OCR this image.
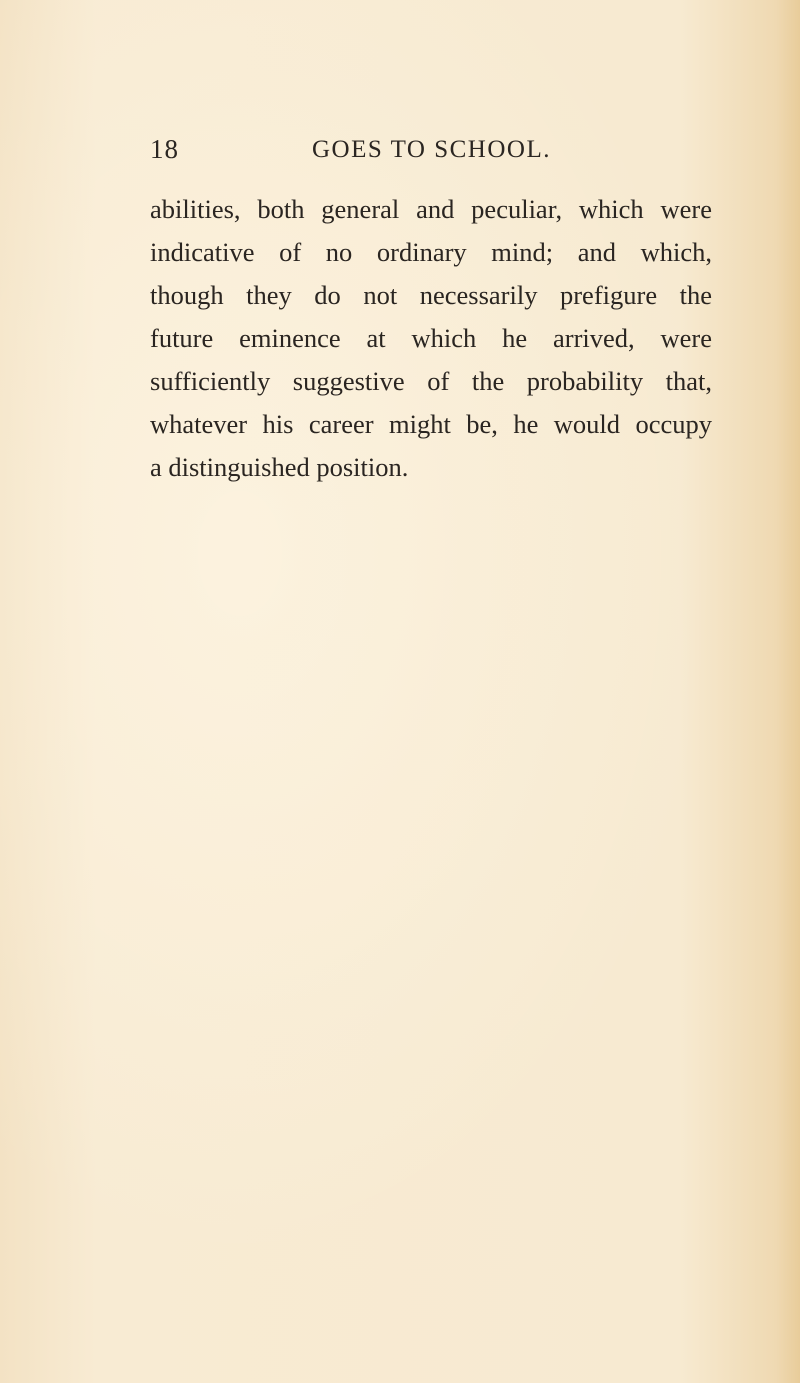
18	GOES TO SCHOOL.

abilities, both general and peculiar, which were
indicative of no ordinary mind; and which,
though they do not necessarily prefigure the
future eminence at which he arrived, were
sufficiently suggestive of the probability that,
whatever his career might be, he would occupy
a distinguished position.
